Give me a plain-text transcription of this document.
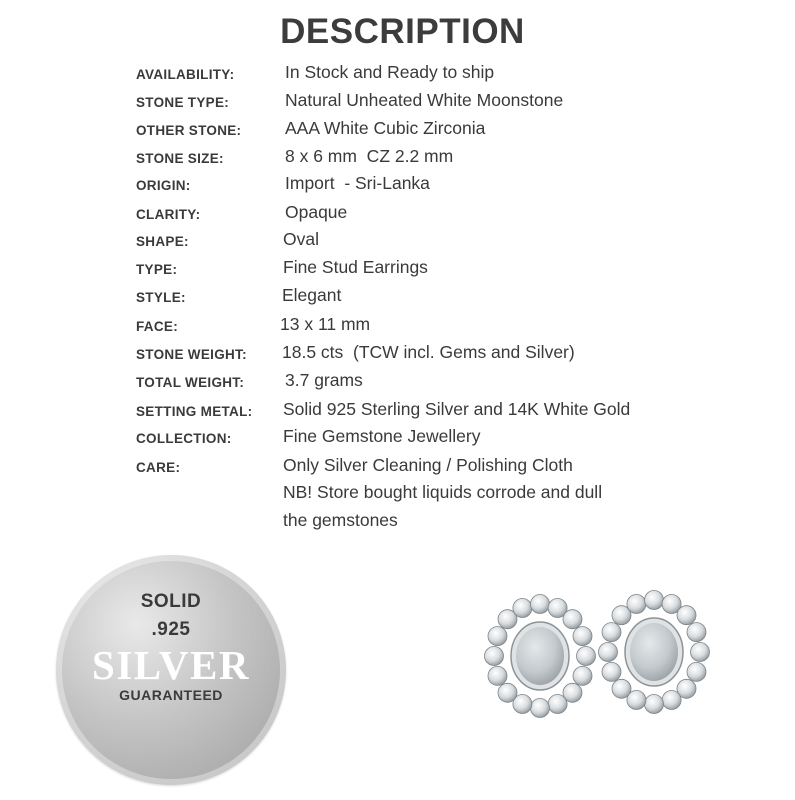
DESCRIPTION
AVAILABILITY:	In Stock and Ready to ship
STONE TYPE:	Natural Unheated White Moonstone
OTHER STONE: AAA White Cubic Zirconia
STONE SIZE:	8 x 6 mm  CZ 2.2 mm
ORIGIN:	Import  - Sri-Lanka
CLARITY:	Opaque
SHAPE:	Oval
TYPE:	Fine Stud Earrings
STYLE:	Elegant
FACE:	13 x 11 mm
STONE WEIGHT: 18.5 cts  (TCW incl. Gems and Silver)
TOTAL WEIGHT: 3.7 grams
SETTING METAL: Solid 925 Sterling Silver and 14K White Gold
COLLECTION:	Fine Gemstone Jewellery
CARE:	Only Silver Cleaning / Polishing Cloth
NB! Store bought liquids corrode and dull
the gemstones
SOLID
.925
SILVER
GUARANTEED
